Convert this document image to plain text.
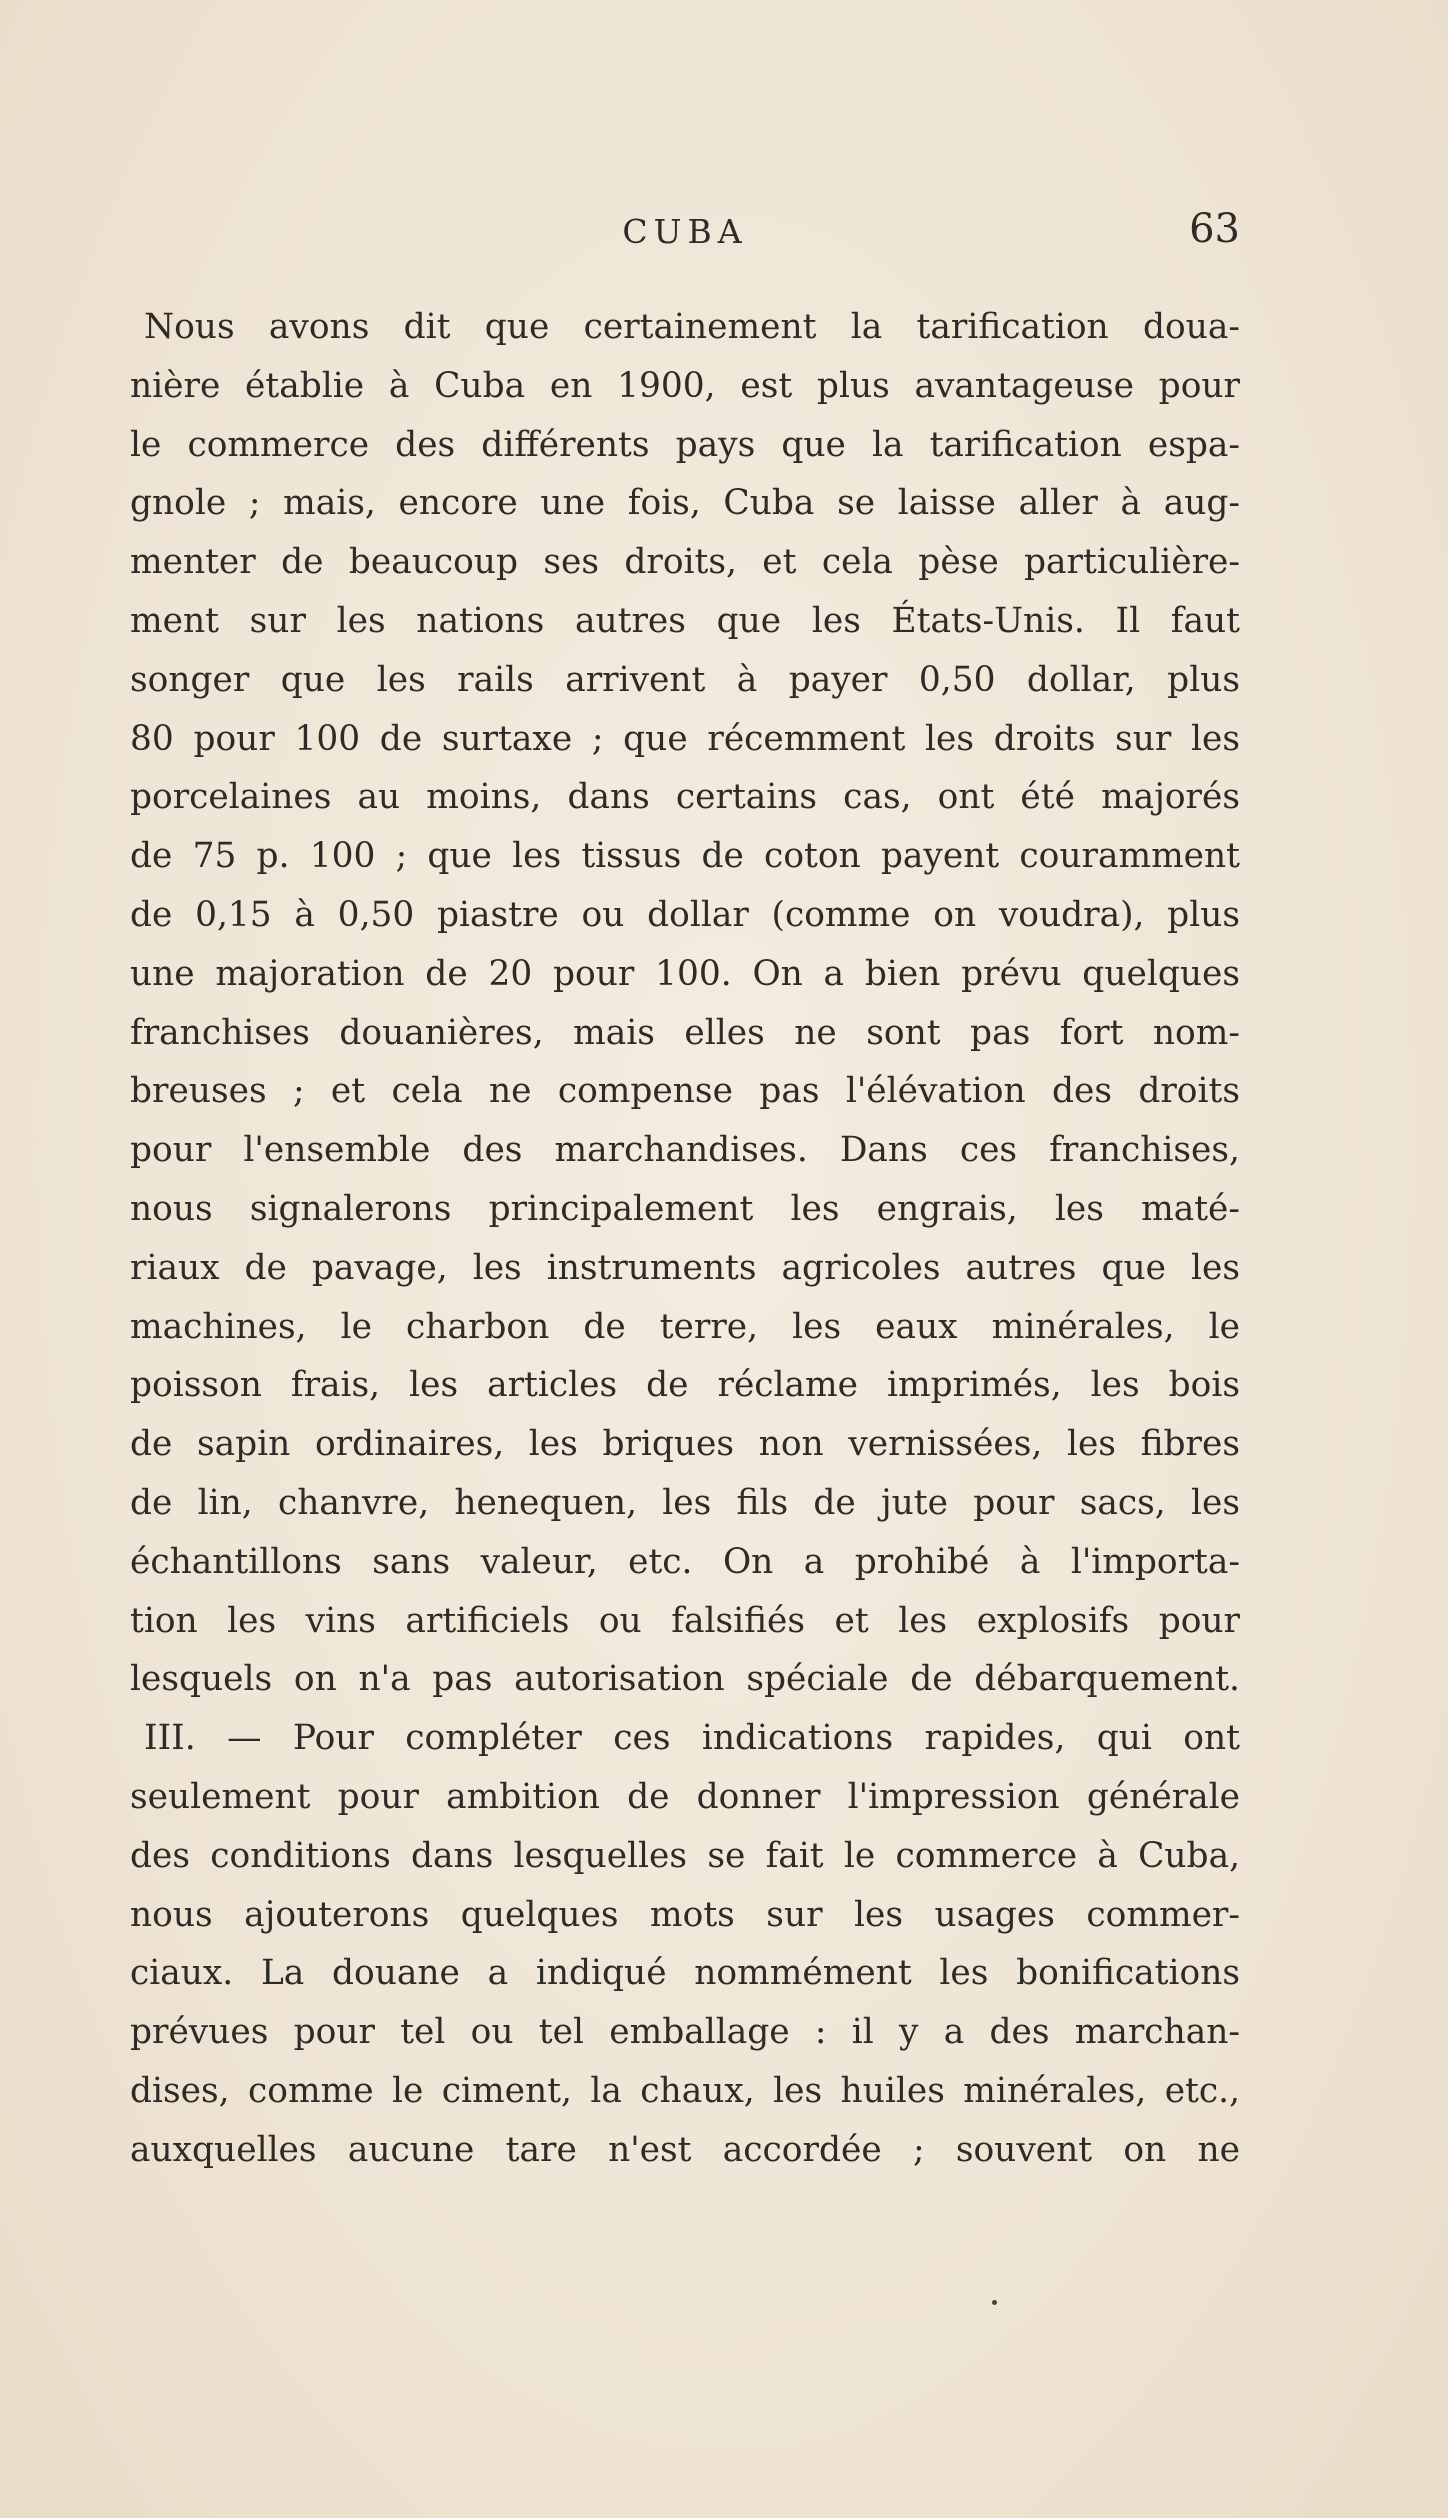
CUBA	63
Nous avons dit que certainement la tarification doua-
nière établie à Cuba en 1900, est plus avantageuse pour
le commerce des différents pays que la tarification espa-
gnole ; mais, encore une fois, Cuba se laisse aller à aug-
menter de beaucoup ses droits, et cela pèse particulière-
ment sur les nations autres que les États-Unis. Il faut
songer que les rails arrivent à payer 0,50 dollar, plus
80 pour 100 de surtaxe ; que récemment les droits sur les
porcelaines au moins, dans certains cas, ont été majorés
de 75 p. 100 ; que les tissus de coton payent couramment
de 0,15 à 0,50 piastre ou dollar (comme on voudra), plus
une majoration de 20 pour 100. On a bien prévu quelques
franchises douanières, mais elles ne sont pas fort nom-
breuses ; et cela ne compense pas l'élévation des droits
pour l'ensemble des marchandises. Dans ces franchises,
nous signalerons principalement les engrais, les maté-
riaux de pavage, les instruments agricoles autres que les
machines, le charbon de terre, les eaux minérales, le
poisson frais, les articles de réclame imprimés, les bois
de sapin ordinaires, les briques non vernissées, les fibres
de lin, chanvre, henequen, les fils de jute pour sacs, les
échantillons sans valeur, etc. On a prohibé à l'importa-
tion les vins artificiels ou falsifiés et les explosifs pour
lesquels on n'a pas autorisation spéciale de débarquement.
III. — Pour compléter ces indications rapides, qui ont
seulement pour ambition de donner l'impression générale
des conditions dans lesquelles se fait le commerce à Cuba,
nous ajouterons quelques mots sur les usages commer-
ciaux. La douane a indiqué nommément les bonifications
prévues pour tel ou tel emballage : il y a des marchan-
dises, comme le ciment, la chaux, les huiles minérales, etc.,
auxquelles aucune tare n'est accordée ; souvent on ne
